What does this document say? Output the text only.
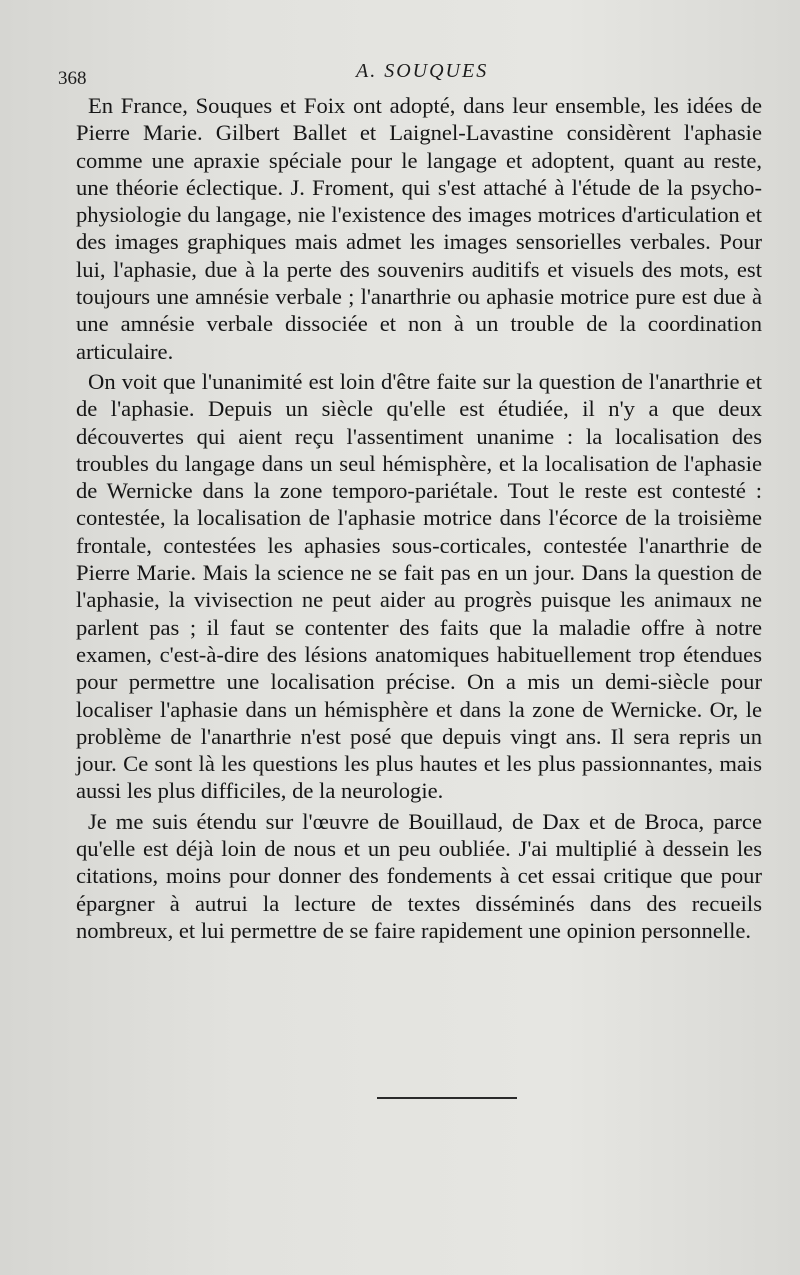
368	A. SOUQUES

En France, Souques et Foix ont adopté, dans leur ensemble, les idées de Pierre Marie. Gilbert Ballet et Laignel-Lavastine considèrent l'aphasie comme une apraxie spéciale pour le langage et adoptent, quant au reste, une théorie éclectique. J. Froment, qui s'est attaché à l'étude de la psycho-physiologie du langage, nie l'existence des images motrices d'articulation et des images graphiques mais admet les images sensorielles verbales. Pour lui, l'aphasie, due à la perte des souvenirs auditifs et visuels des mots, est toujours une amnésie verbale ; l'anarthrie ou aphasie motrice pure est due à une amnésie verbale dissociée et non à un trouble de la coordination articulaire.

On voit que l'unanimité est loin d'être faite sur la question de l'anarthrie et de l'aphasie. Depuis un siècle qu'elle est étudiée, il n'y a que deux découvertes qui aient reçu l'assentiment unanime : la localisation des troubles du langage dans un seul hémisphère, et la localisation de l'aphasie de Wernicke dans la zone temporo-pariétale. Tout le reste est contesté : contestée, la localisation de l'aphasie motrice dans l'écorce de la troisième frontale, contestées les aphasies sous-corticales, contestée l'anarthrie de Pierre Marie. Mais la science ne se fait pas en un jour. Dans la question de l'aphasie, la vivisection ne peut aider au progrès puisque les animaux ne parlent pas ; il faut se contenter des faits que la maladie offre à notre examen, c'est-à-dire des lésions anatomiques habituellement trop étendues pour permettre une localisation précise. On a mis un demi-siècle pour localiser l'aphasie dans un hémisphère et dans la zone de Wernicke. Or, le problème de l'anarthrie n'est posé que depuis vingt ans. Il sera repris un jour. Ce sont là les questions les plus hautes et les plus passionnantes, mais aussi les plus difficiles, de la neurologie.

Je me suis étendu sur l'œuvre de Bouillaud, de Dax et de Broca, parce qu'elle est déjà loin de nous et un peu oubliée. J'ai multiplié à dessein les citations, moins pour donner des fondements à cet essai critique que pour épargner à autrui la lecture de textes disséminés dans des recueils nombreux, et lui permettre de se faire rapidement une opinion personnelle.
